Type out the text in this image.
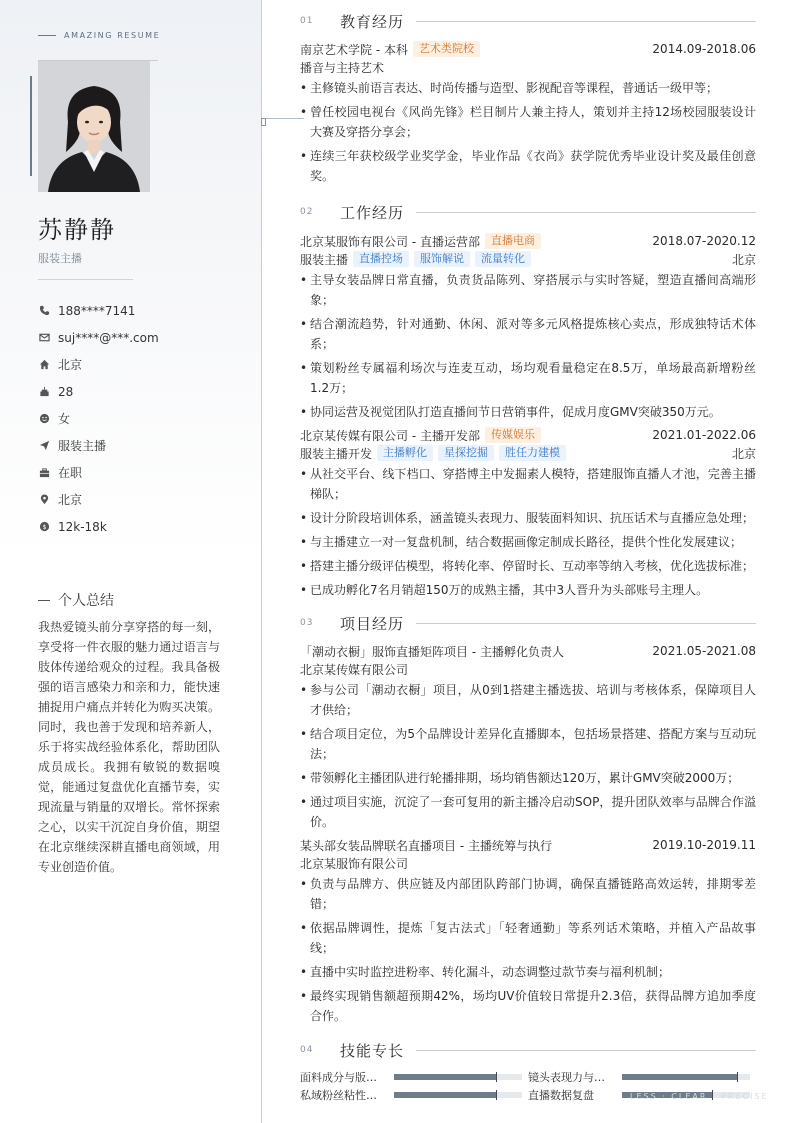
AMAZING RESUME
苏静静
服装主播
188****7141
suj****@***.com
北京
28
女
服装主播
在职
北京
$ 12k-18k
个人总结
我热爱镜头前分享穿搭的每一刻，享受将一件衣服的魅力通过语言与肢体传递给观众的过程。我具备极强的语言感染力和亲和力，能快速捕捉用户痛点并转化为购买决策。同时，我也善于发现和培养新人，乐于将实战经验体系化，帮助团队成员成长。我拥有敏锐的数据嗅觉，能通过复盘优化直播节奏，实现流量与销量的双增长。常怀探索之心，以实干沉淀自身价值，期望在北京继续深耕直播电商领域，用专业创造价值。
01	教育经历
南京艺术学院 - 本科	艺术类院校	2014.09-2018.06
播音与主持艺术
• 主修镜头前语言表达、时尚传播与造型、影视配音等课程，普通话一级甲等；
• 曾任校园电视台《风尚先锋》栏目制片人兼主持人，策划并主持12场校园服装设计大赛及穿搭分享会；
• 连续三年获校级学业奖学金，毕业作品《衣尚》获学院优秀毕业设计奖及最佳创意奖。
02	工作经历
北京某服饰有限公司 - 直播运营部	直播电商	2018.07-2020.12
服装主播	直播控场	服饰解说	流量转化	北京
• 主导女装品牌日常直播，负责货品陈列、穿搭展示与实时答疑，塑造直播间高端形象；
• 结合潮流趋势，针对通勤、休闲、派对等多元风格提炼核心卖点，形成独特话术体系；
• 策划粉丝专属福利场次与连麦互动，场均观看量稳定在8.5万，单场最高新增粉丝1.2万；
• 协同运营及视觉团队打造直播间节日营销事件，促成月度GMV突破350万元。
北京某传媒有限公司 - 主播开发部	传媒娱乐	2021.01-2022.06
服装主播开发	主播孵化	星探挖掘	胜任力建模	北京
• 从社交平台、线下档口、穿搭博主中发掘素人模特，搭建服饰直播人才池，完善主播梯队；
• 设计分阶段培训体系，涵盖镜头表现力、服装面料知识、抗压话术与直播应急处理；
• 与主播建立一对一复盘机制，结合数据画像定制成长路径，提供个性化发展建议；
• 搭建主播分级评估模型，将转化率、停留时长、互动率等纳入考核，优化选拔标准；
• 已成功孵化7名月销超150万的成熟主播，其中3人晋升为头部账号主理人。
03	项目经历
「潮动衣橱」服饰直播矩阵项目 - 主播孵化负责人	2021.05-2021.08
北京某传媒有限公司
• 参与公司「潮动衣橱」项目，从0到1搭建主播选拔、培训与考核体系，保障项目人才供给；
• 结合项目定位，为5个品牌设计差异化直播脚本，包括场景搭建、搭配方案与互动玩法；
• 带领孵化主播团队进行轮播排期，场均销售额达120万，累计GMV突破2000万；
• 通过项目实施，沉淀了一套可复用的新主播冷启动SOP，提升团队效率与品牌合作溢价。
某头部女装品牌联名直播项目 - 主播统筹与执行	2019.10-2019.11
北京某服饰有限公司
• 负责与品牌方、供应链及内部团队跨部门协调，确保直播链路高效运转，排期零差错；
• 依据品牌调性，提炼「复古法式」「轻奢通勤」等系列话术策略，并植入产品故事线；
• 直播中实时监控进粉率、转化漏斗，动态调整过款节奏与福利机制；
• 最终实现销售额超预期42%，场均UV价值较日常提升2.3倍，获得品牌方追加季度合作。
04	技能专长
面料成分与版…	镜头表现力与…
私域粉丝粘性…	直播数据复盘	LESS · CLEAR · PRECISE
